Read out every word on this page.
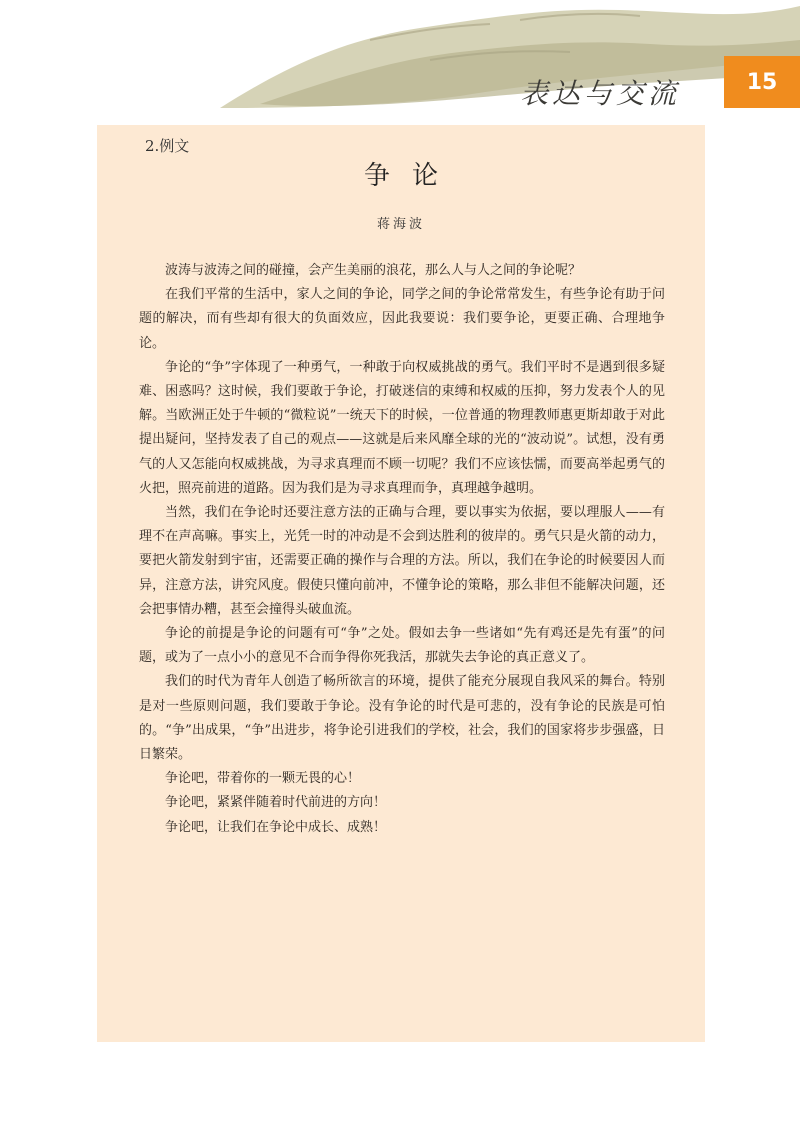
表达与交流	15
2.例文
争论
蒋海波

波涛与波涛之间的碰撞，会产生美丽的浪花，那么人与人之间的争论呢？

在我们平常的生活中，家人之间的争论，同学之间的争论常常发生，有些争论有助于问题的解决，而有些却有很大的负面效应，因此我要说：我们要争论，更要正确、合理地争论。

争论的“争”字体现了一种勇气，一种敢于向权威挑战的勇气。我们平时不是遇到很多疑难、困惑吗？这时候，我们要敢于争论，打破迷信的束缚和权威的压抑，努力发表个人的见解。当欧洲正处于牛顿的“微粒说”一统天下的时候，一位普通的物理教师惠更斯却敢于对此提出疑问，坚持发表了自己的观点——这就是后来风靡全球的光的“波动说”。试想，没有勇气的人又怎能向权威挑战，为寻求真理而不顾一切呢？我们不应该怯懦，而要高举起勇气的火把，照亮前进的道路。因为我们是为寻求真理而争，真理越争越明。

当然，我们在争论时还要注意方法的正确与合理，要以事实为依据，要以理服人——有理不在声高嘛。事实上，光凭一时的冲动是不会到达胜利的彼岸的。勇气只是火箭的动力，要把火箭发射到宇宙，还需要正确的操作与合理的方法。所以，我们在争论的时候要因人而异，注意方法，讲究风度。假使只懂向前冲，不懂争论的策略，那么非但不能解决问题，还会把事情办糟，甚至会撞得头破血流。

争论的前提是争论的问题有可“争”之处。假如去争一些诸如“先有鸡还是先有蛋”的问题，或为了一点小小的意见不合而争得你死我活，那就失去争论的真正意义了。

我们的时代为青年人创造了畅所欲言的环境，提供了能充分展现自我风采的舞台。特别是对一些原则问题，我们要敢于争论。没有争论的时代是可悲的，没有争论的民族是可怕的。“争”出成果，“争”出进步，将争论引进我们的学校，社会，我们的国家将步步强盛，日日繁荣。

争论吧，带着你的一颗无畏的心！

争论吧，紧紧伴随着时代前进的方向！

争论吧，让我们在争论中成长、成熟！
